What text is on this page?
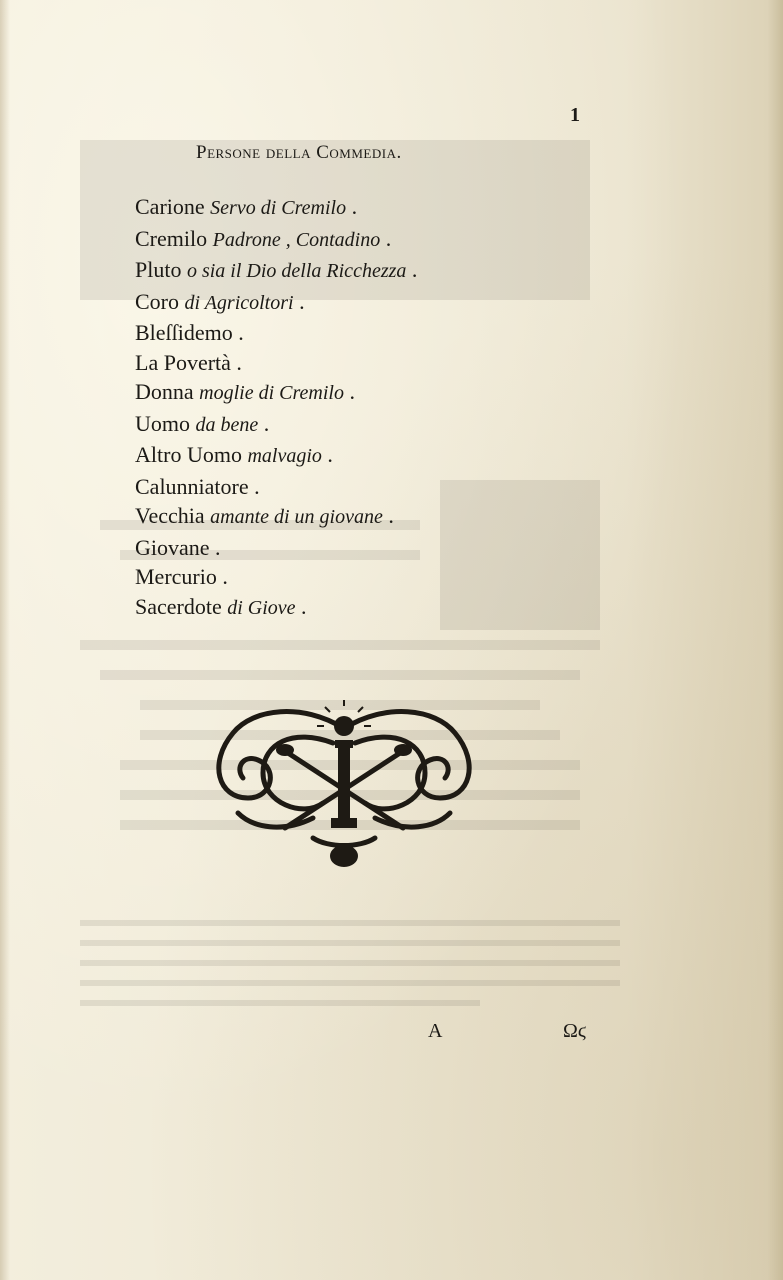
1
Persone della Commedia.
Carione Servo di Cremilo .
Cremilo Padrone , Contadino .
Pluto o sia il Dio della Ricchezza .
Coro di Agricoltori .
Bleſſidemo .
La Povertà .
Donna moglie di Cremilo .
Uomo da bene .
Altro Uomo malvagio .
Calunniatore .
Vecchia amante di un giovane .
Giovane .
Mercurio .
Sacerdote di Giove .
A	Ωϛ
